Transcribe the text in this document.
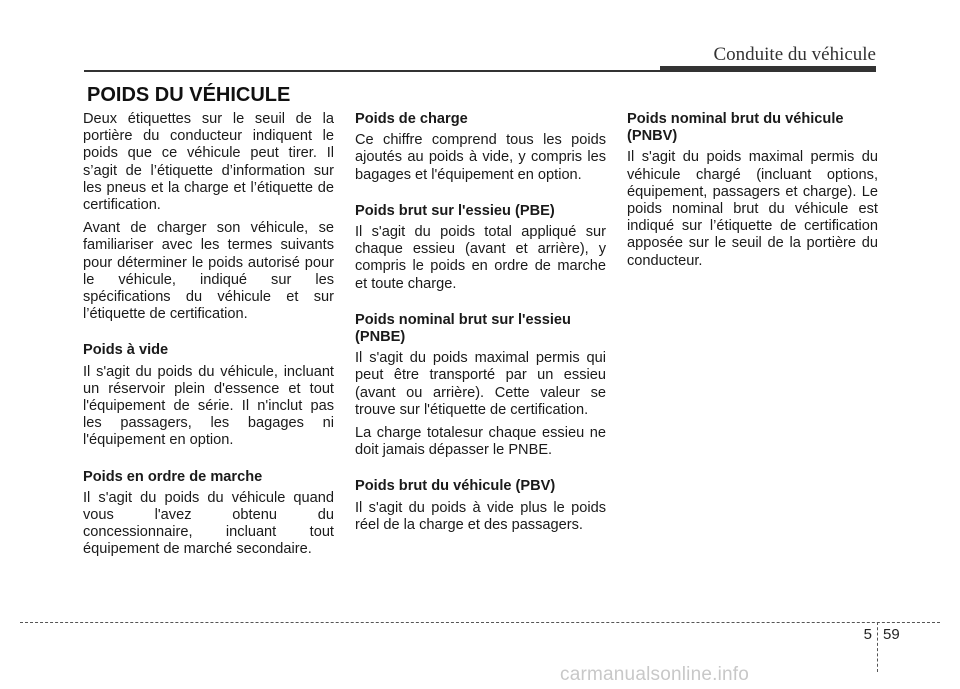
Conduite du véhicule
POIDS DU VÉHICULE

Deux étiquettes sur le seuil de la portière du conducteur indiquent le poids que ce véhicule peut tirer. Il s’agit de l’étiquette d’information sur les pneus et la charge et l’étiquette de certification.

Avant de charger son véhicule, se familiariser avec les termes suivants pour déterminer le poids autorisé pour le véhicule, indiqué sur les spécifications du véhicule et sur l’étiquette de certification.

Poids à vide

Il s'agit du poids du véhicule, incluant un réservoir plein d'essence et tout l'équipement de série. Il n'inclut pas les passagers, les bagages ni l'équipement en option.

Poids en ordre de marche

Il s'agit du poids du véhicule quand vous l'avez obtenu du concessionnaire, incluant tout équipement de marché secondaire.

Poids de charge

Ce chiffre comprend tous les poids ajoutés au poids à vide, y compris les bagages et l'équipement en option.

Poids brut sur l'essieu (PBE)

Il s'agit du poids total appliqué sur chaque essieu (avant et arrière), y compris le poids en ordre de marche et toute charge.

Poids nominal brut sur l'essieu (PNBE)

Il s'agit du poids maximal permis qui peut être transporté par un essieu (avant ou arrière). Cette valeur se trouve sur l'étiquette de certification.

La charge totalesur chaque essieu ne doit jamais dépasser le PNBE.

Poids brut du véhicule (PBV)

Il s'agit du poids à vide plus le poids réel de la charge et des passagers.

Poids nominal brut du véhicule (PNBV)

Il s'agit du poids maximal permis du véhicule chargé (incluant options, équipement, passagers et charge). Le poids nominal brut du véhicule est indiqué sur l’étiquette de certification apposée sur le seuil de la portière du conducteur.

5 59
carmanualsonline.info
